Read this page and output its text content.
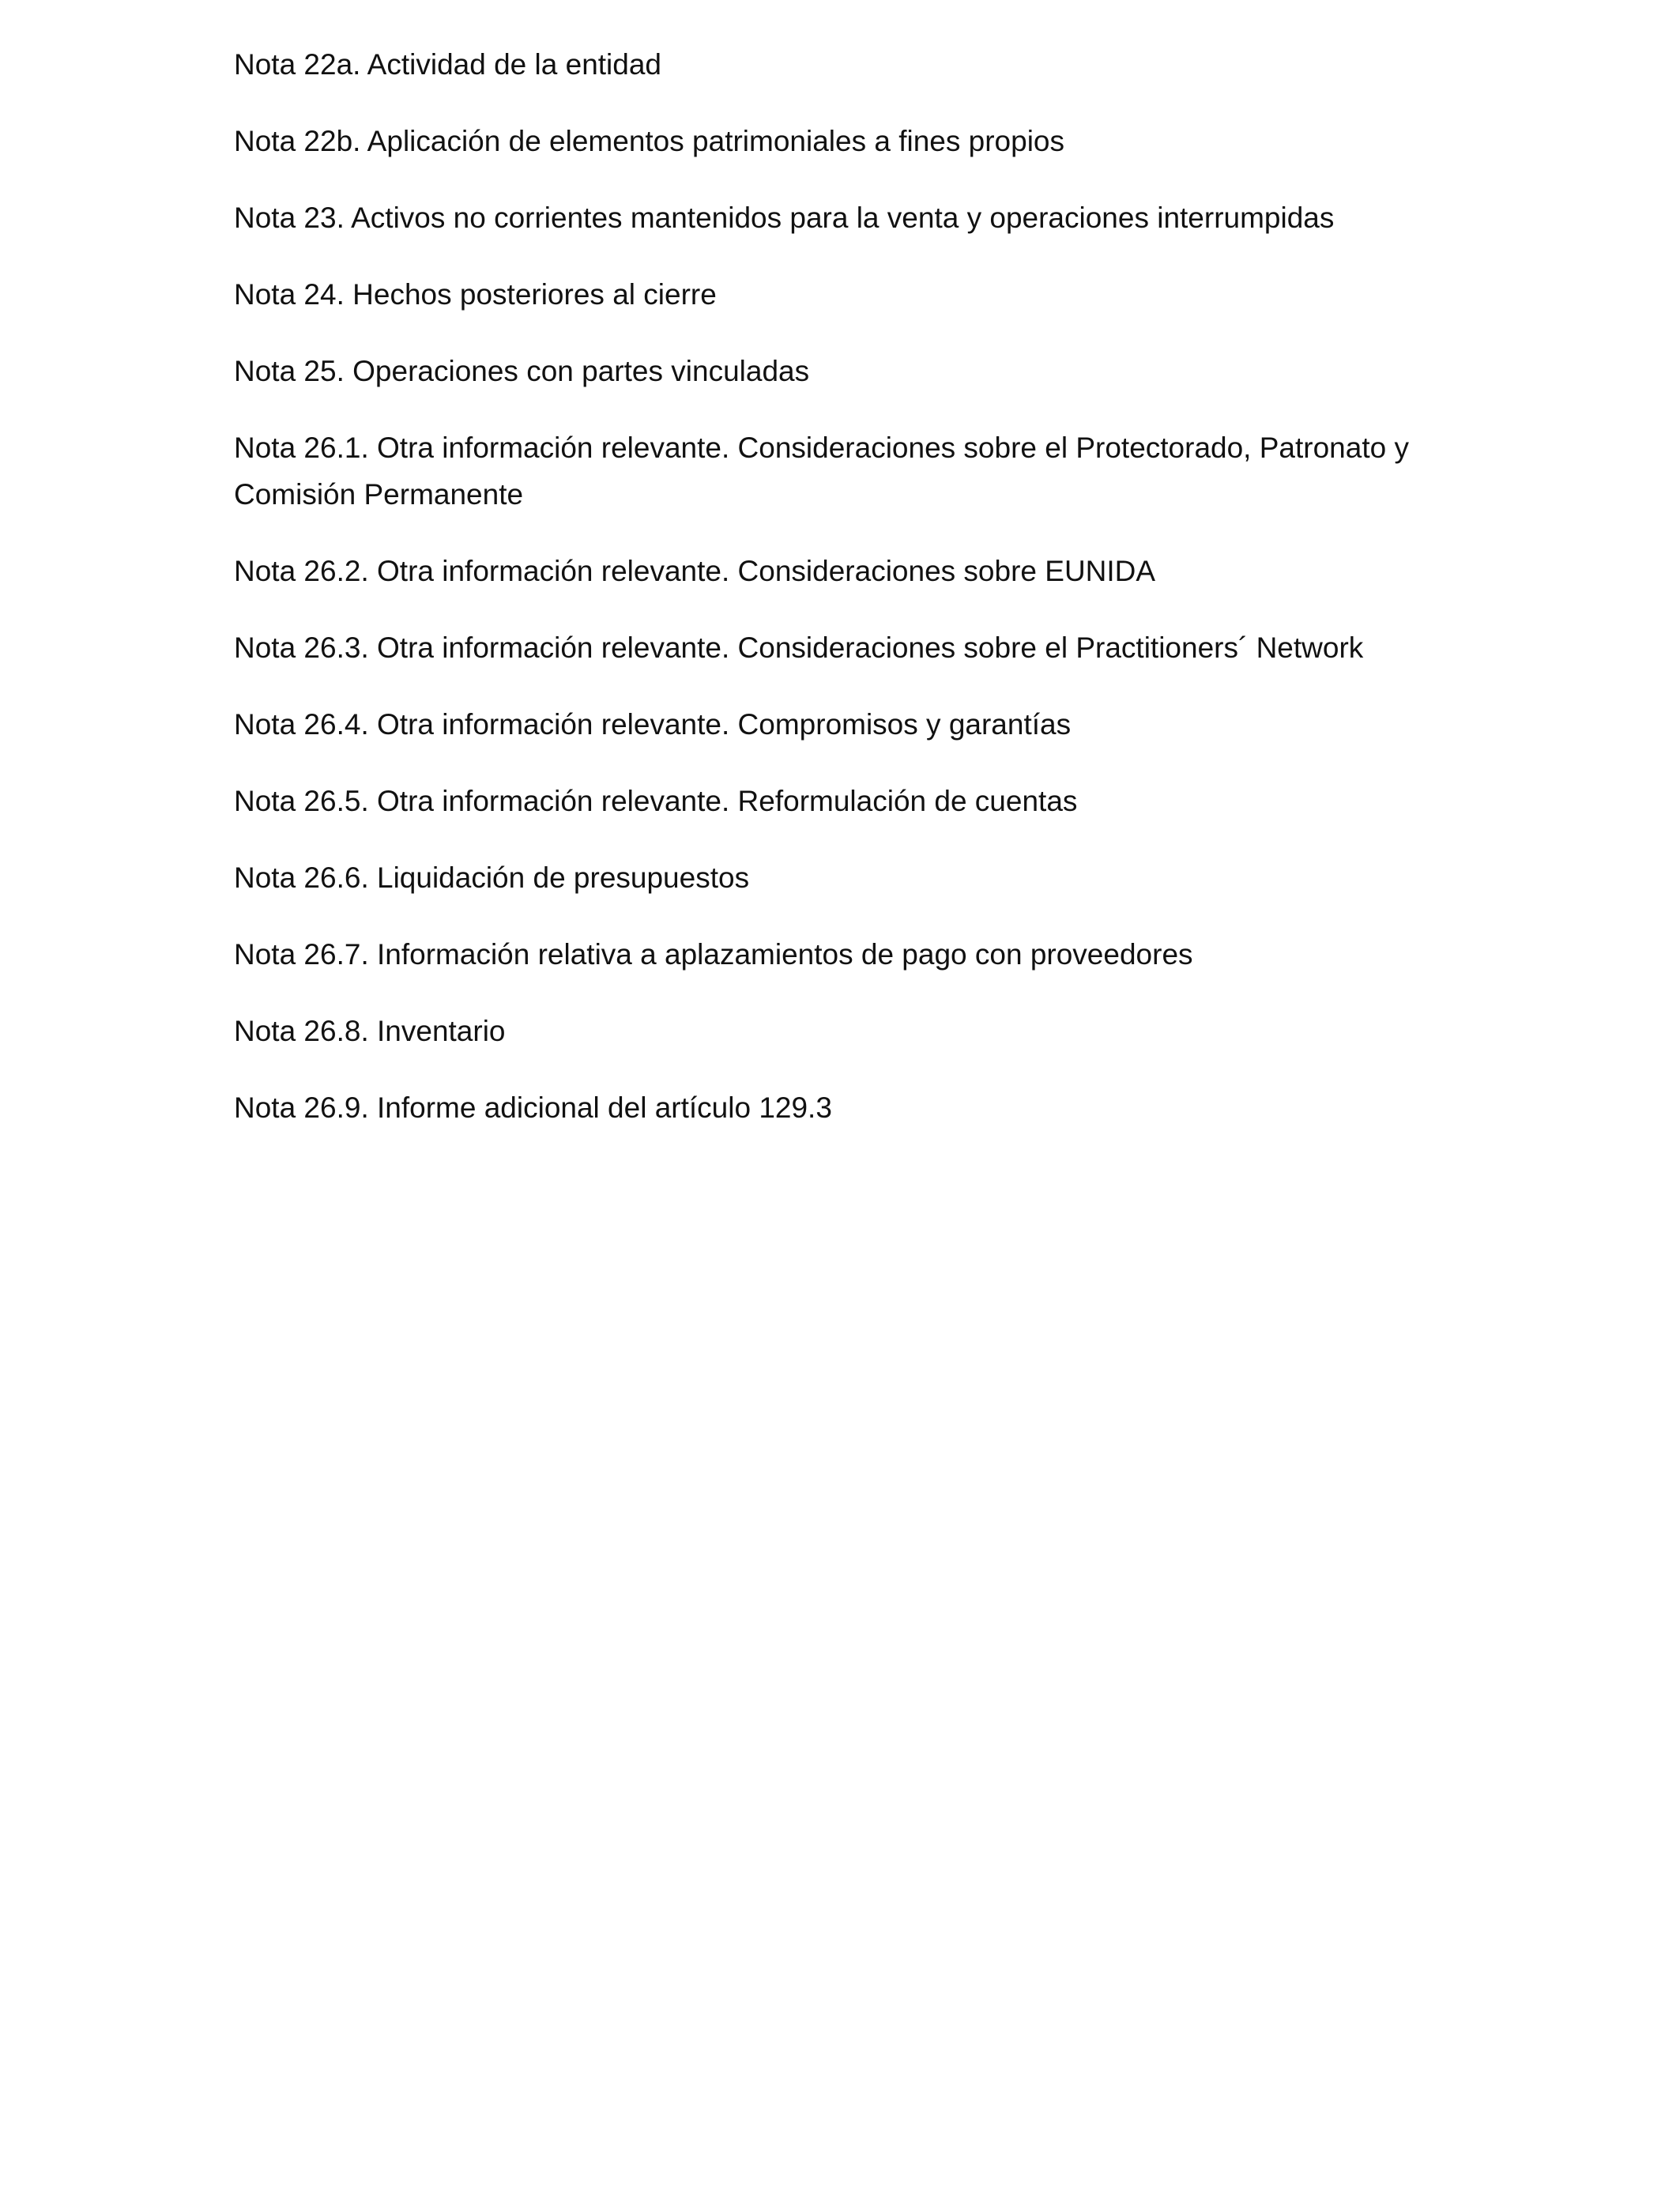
Nota 22a. Actividad de la entidad
Nota 22b. Aplicación de elementos patrimoniales a fines propios
Nota 23. Activos no corrientes mantenidos para la venta y operaciones interrumpidas
Nota 24. Hechos posteriores al cierre
Nota 25. Operaciones con partes vinculadas
Nota 26.1. Otra información relevante. Consideraciones sobre el Protectorado, Patronato y Comisión Permanente
Nota 26.2. Otra información relevante. Consideraciones sobre EUNIDA
Nota 26.3. Otra información relevante. Consideraciones sobre el Practitioners´ Network
Nota 26.4. Otra información relevante. Compromisos y garantías
Nota 26.5. Otra información relevante. Reformulación de cuentas
Nota 26.6. Liquidación de presupuestos
Nota 26.7. Información relativa a aplazamientos de pago con proveedores
Nota 26.8. Inventario
Nota 26.9. Informe adicional del artículo 129.3
